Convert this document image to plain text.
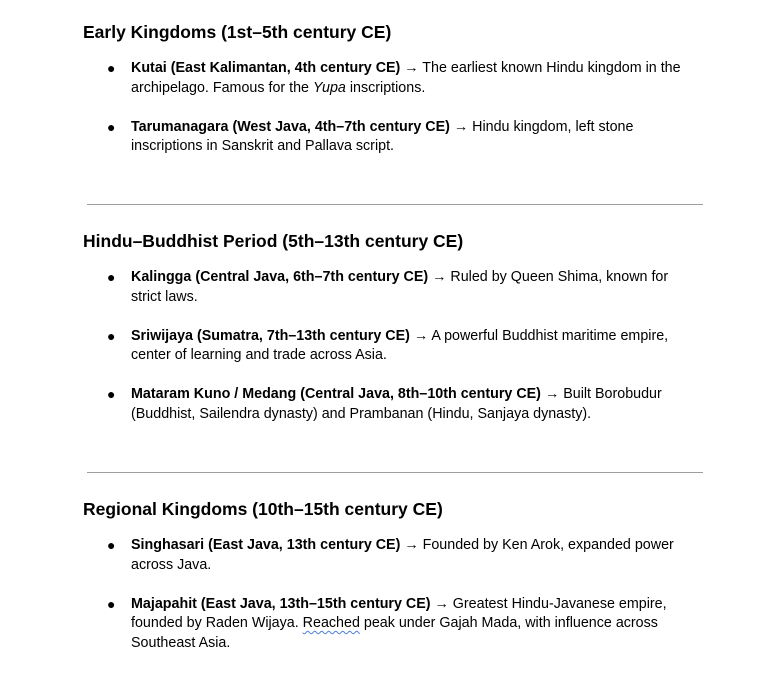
Early Kingdoms (1st–5th century CE)
● Kutai (East Kalimantan, 4th century CE) → The earliest known Hindu kingdom in the archipelago. Famous for the Yupa inscriptions.
● Tarumanagara (West Java, 4th–7th century CE) → Hindu kingdom, left stone inscriptions in Sanskrit and Pallava script.
Hindu–Buddhist Period (5th–13th century CE)
● Kalingga (Central Java, 6th–7th century CE) → Ruled by Queen Shima, known for strict laws.
● Sriwijaya (Sumatra, 7th–13th century CE) → A powerful Buddhist maritime empire, center of learning and trade across Asia.
● Mataram Kuno / Medang (Central Java, 8th–10th century CE) → Built Borobudur (Buddhist, Sailendra dynasty) and Prambanan (Hindu, Sanjaya dynasty).
Regional Kingdoms (10th–15th century CE)
● Singhasari (East Java, 13th century CE) → Founded by Ken Arok, expanded power across Java.
● Majapahit (East Java, 13th–15th century CE) → Greatest Hindu-Javanese empire, founded by Raden Wijaya. Reached peak under Gajah Mada, with influence across Southeast Asia.
